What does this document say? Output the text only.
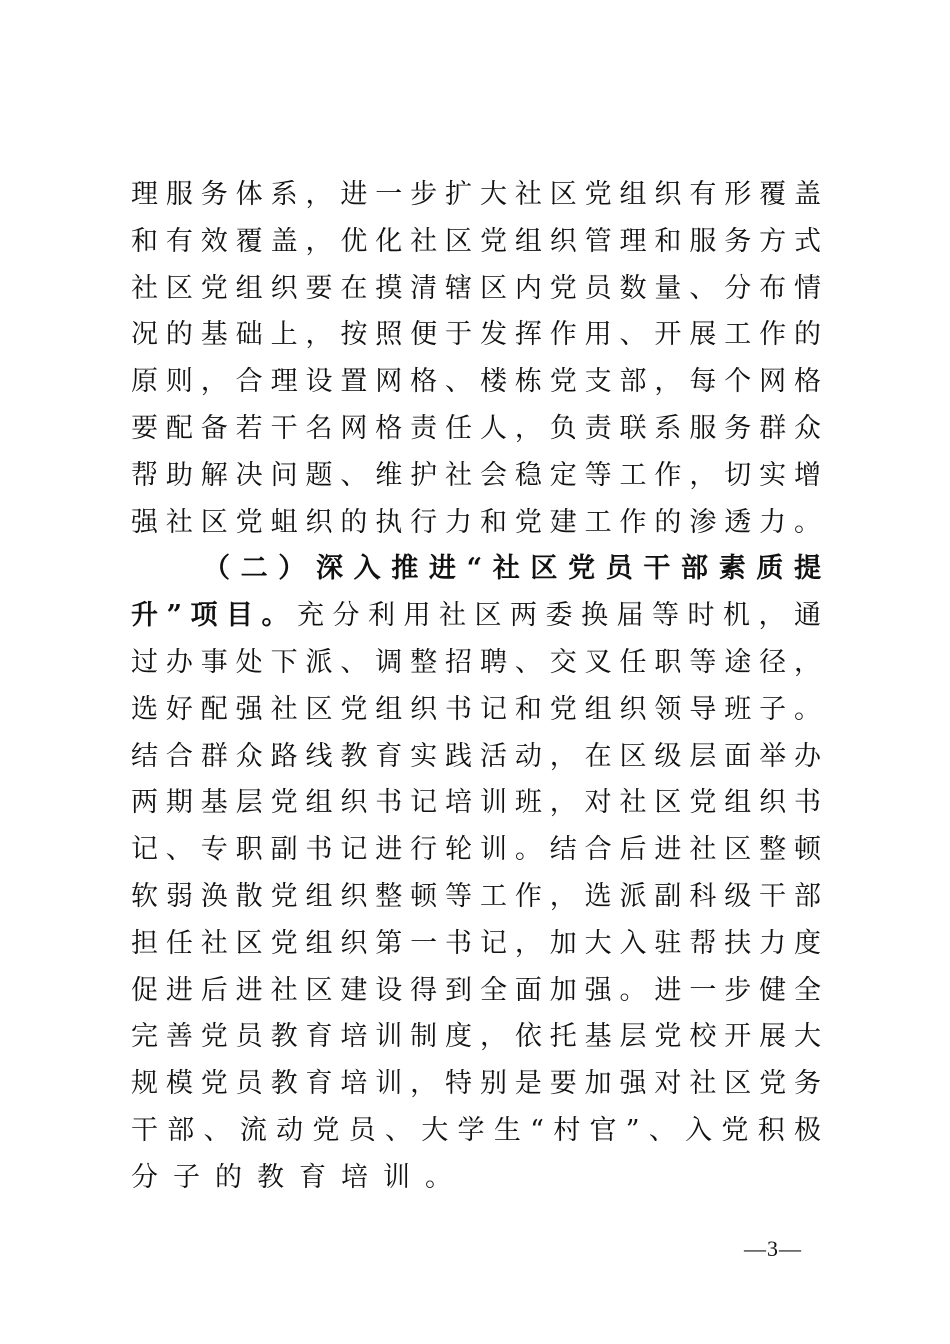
理服务体系，进一步扩大社区党组织有形覆盖
和有效覆盖，优化社区党组织管理和服务方式
社区党组织要在摸清辖区内党员数量、分布情
况的基础上，按照便于发挥作用、开展工作的
原则，合理设置网格、楼栋党支部，每个网格
要配备若干名网格责任人，负责联系服务群众
帮助解决问题、维护社会稳定等工作，切实增
强社区党蛆织的执行力和党建工作的渗透力。
（二）深入推进“社区党员干部素质提
升”项目。充分利用社区两委换届等时机，通
过办事处下派、调整招聘、交叉任职等途径，
选好配强社区党组织书记和党组织领导班子。
结合群众路线教育实践活动，在区级层面举办
两期基层党组织书记培训班，对社区党组织书
记、专职副书记进行轮训。结合后进社区整顿
软弱涣散党组织整顿等工作，选派副科级干部
担任社区党组织第一书记，加大入驻帮扶力度
促进后进社区建设得到全面加强。进一步健全
完善党员教育培训制度，依托基层党校开展大
规模党员教育培训，特别是要加强对社区党务
干部、流动党员、大学生“村官”、入党积极
分子的教育培训。
—3—
